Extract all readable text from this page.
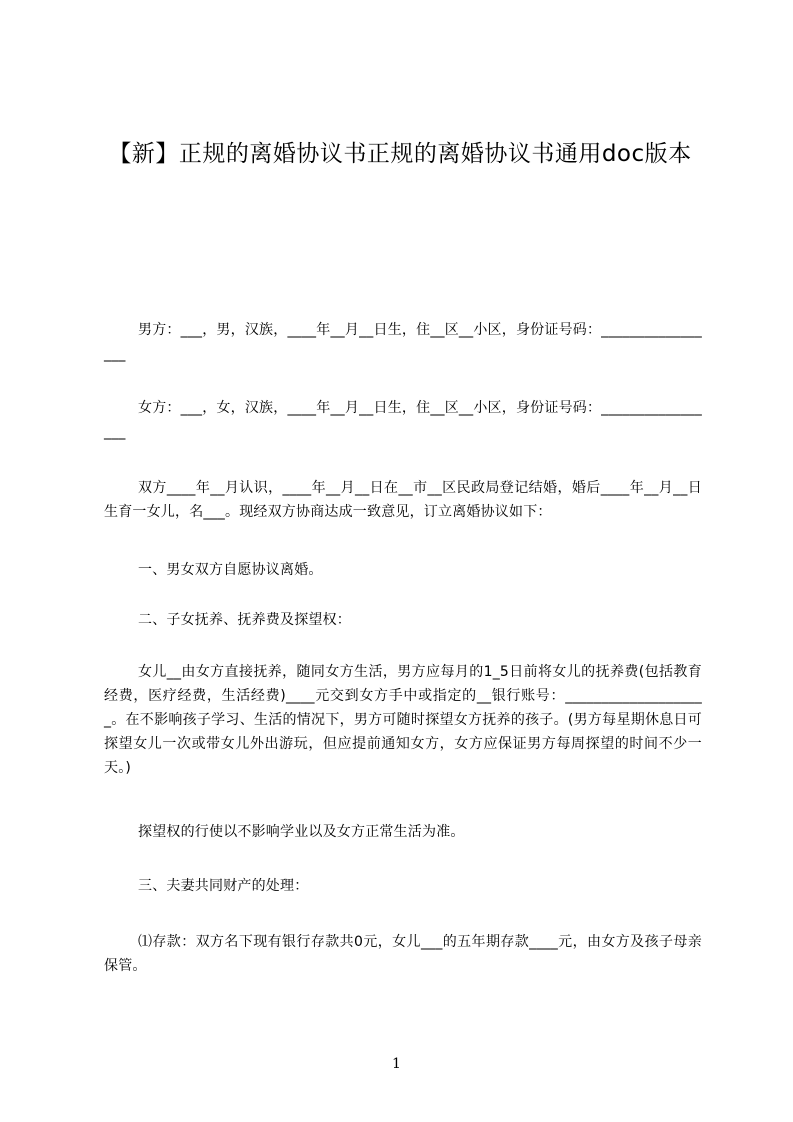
【新】正规的离婚协议书正规的离婚协议书通用doc版本
男方：___，男，汉族，____年__月__日生，住__区__小区，身份证号码：_________________
女方：___，女，汉族，____年__月__日生，住__区__小区，身份证号码：_________________
双方____年__月认识，____年__月__日在__市__区民政局登记结婚，婚后____年__月__日生育一女儿，名___。现经双方协商达成一致意见，订立离婚协议如下：
一、男女双方自愿协议离婚。
二、子女抚养、抚养费及探望权：
女儿__由女方直接抚养，随同女方生活，男方应每月的1_5日前将女儿的抚养费(包括教育经费，医疗经费，生活经费)____元交到女方手中或指定的__银行账号：____________________。在不影响孩子学习、生活的情况下，男方可随时探望女方抚养的孩子。(男方每星期休息日可探望女儿一次或带女儿外出游玩，但应提前通知女方，女方应保证男方每周探望的时间不少一天。)
探望权的行使以不影响学业以及女方正常生活为准。
三、夫妻共同财产的处理：
⑴存款：双方名下现有银行存款共0元，女儿___的五年期存款____元，由女方及孩子母亲保管。
1
